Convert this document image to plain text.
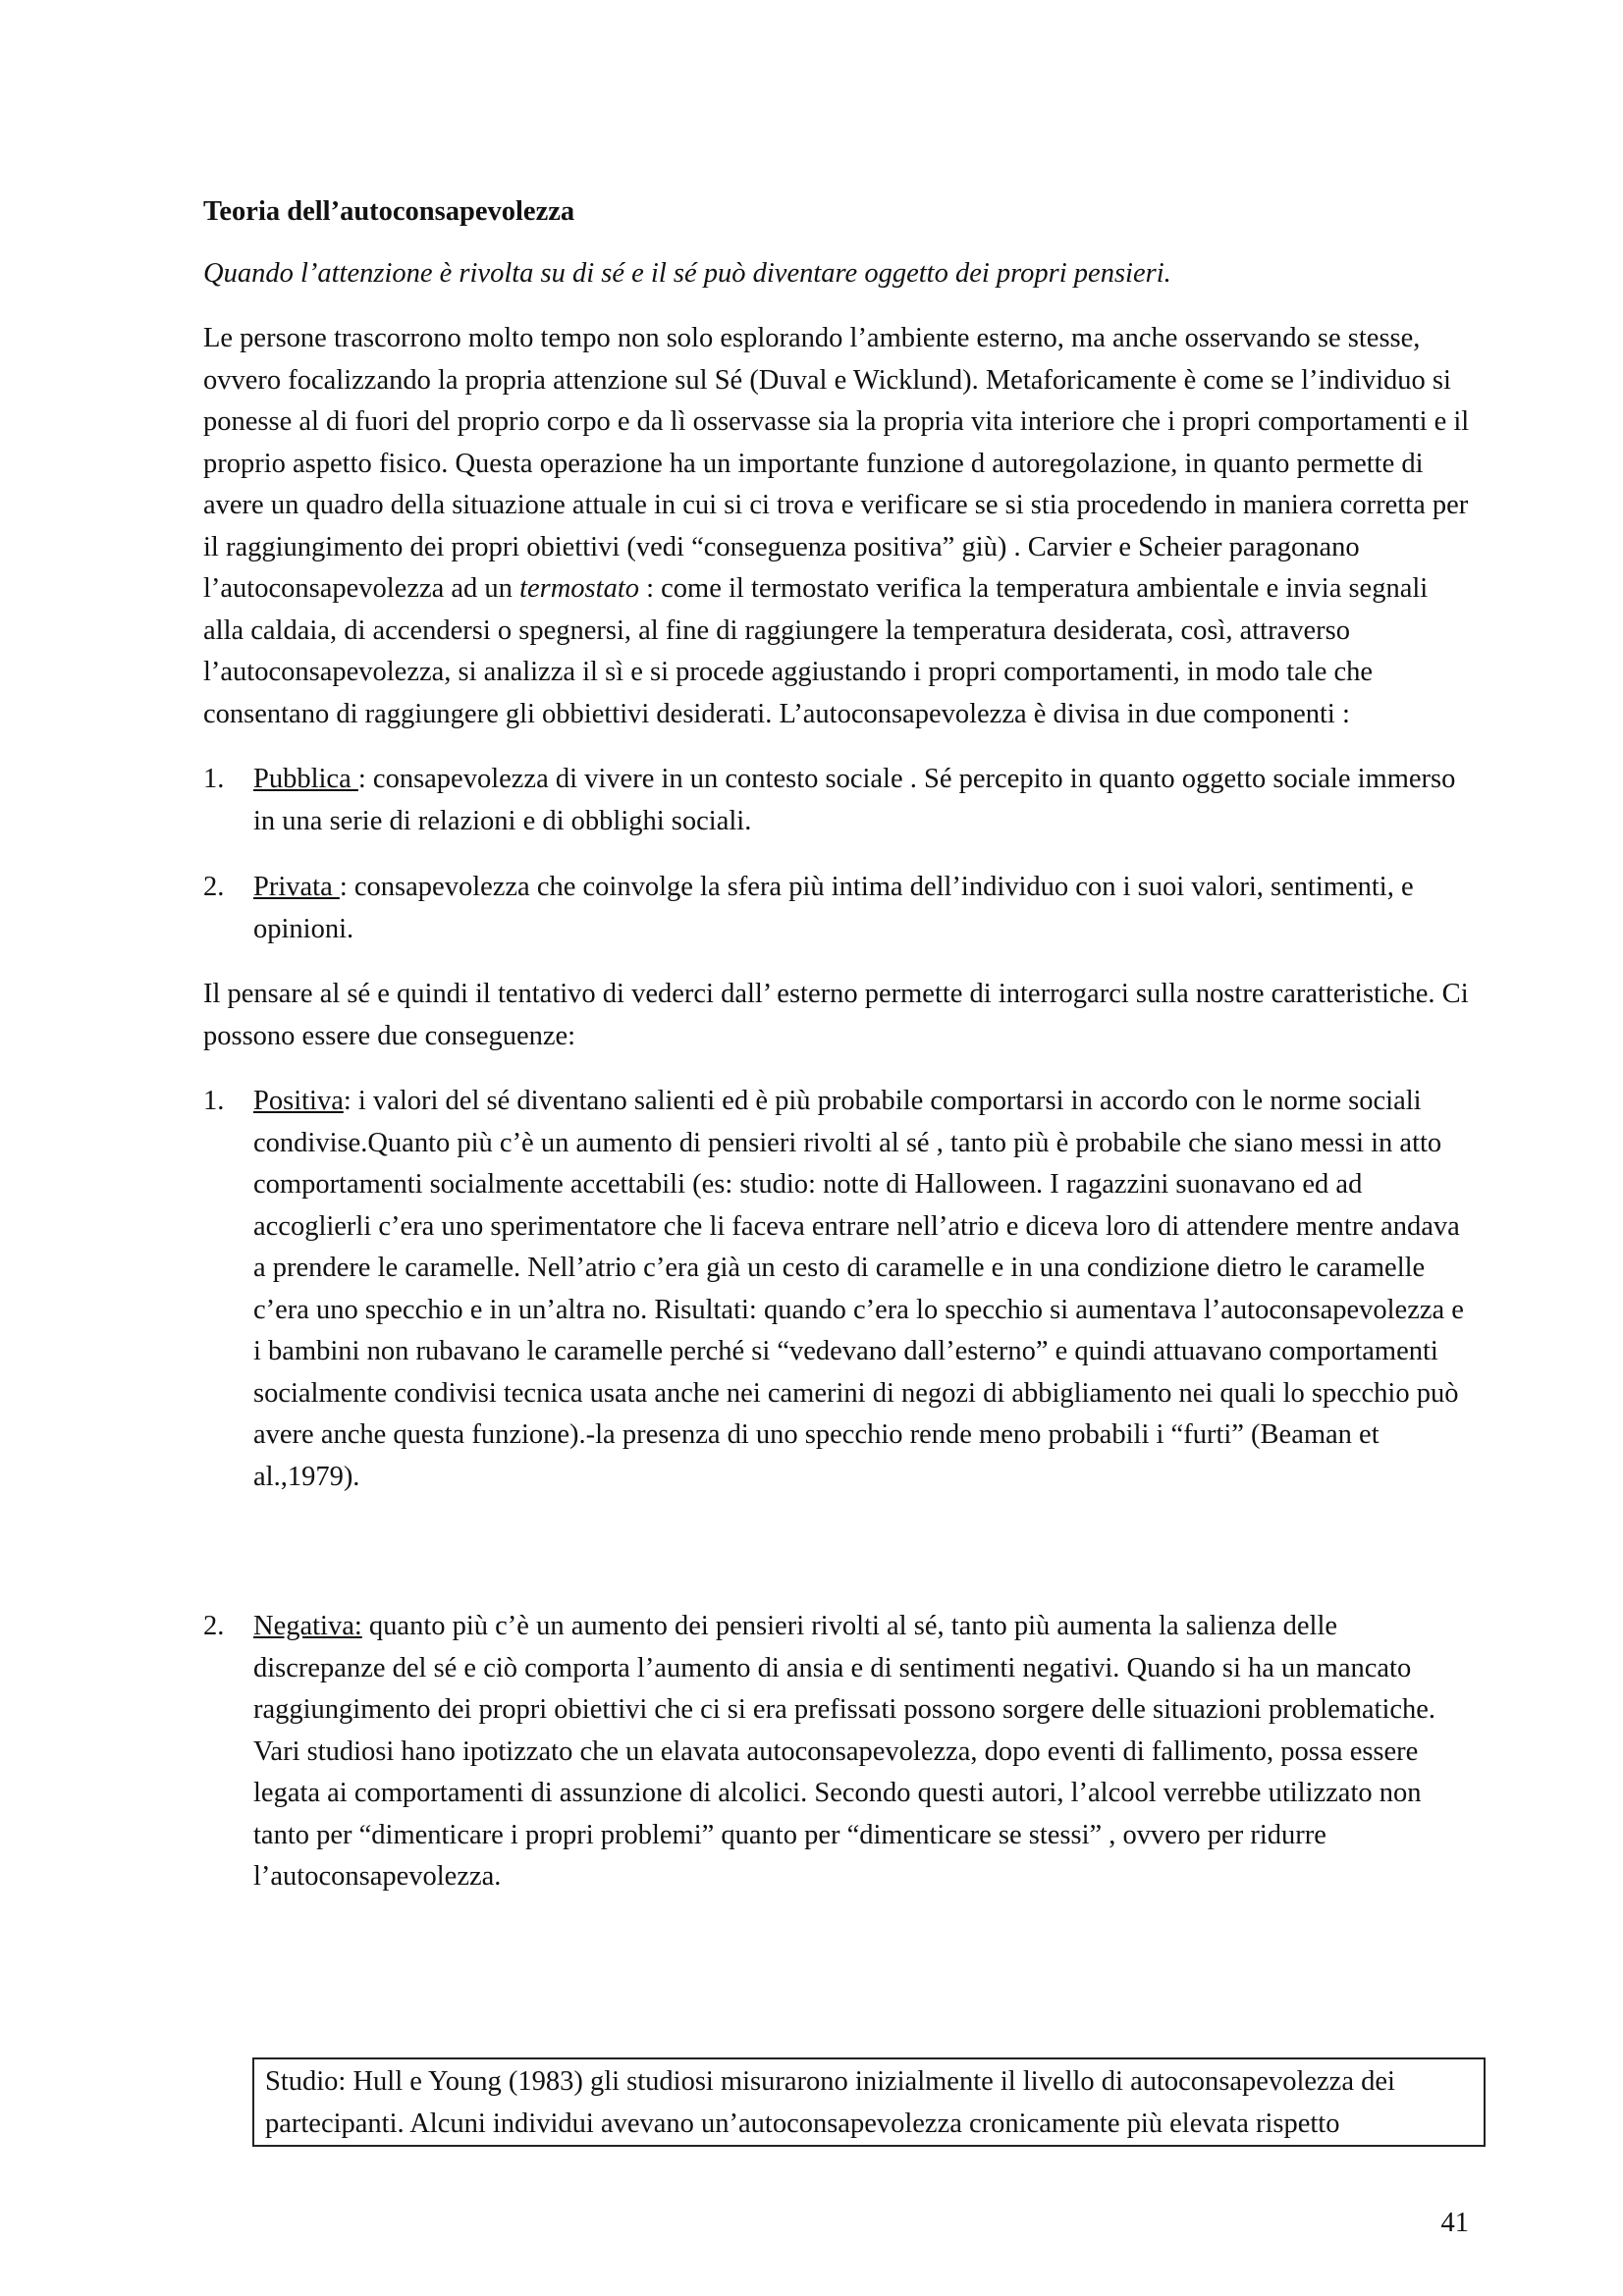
Teoria dell’autoconsapevolezza

Quando l’attenzione è rivolta su di sé e il sé può diventare oggetto dei propri pensieri.

Le persone trascorrono molto tempo non solo esplorando l’ambiente esterno, ma anche osservando se stesse, ovvero focalizzando la propria attenzione sul Sé (Duval e Wicklund). Metaforicamente è come se l’individuo si ponesse al di fuori del proprio corpo e da lì osservasse sia la propria vita interiore che i propri comportamenti e il proprio aspetto fisico. Questa operazione ha un importante funzione d autoregolazione, in quanto permette di avere un quadro della situazione attuale in cui si ci trova e verificare se si stia procedendo in maniera corretta per il raggiungimento dei propri obiettivi (vedi “conseguenza positiva” giù) . Carvier e Scheier paragonano l’autoconsapevolezza ad un termostato : come il termostato verifica la temperatura ambientale e invia segnali alla caldaia, di accendersi o spegnersi, al fine di raggiungere la temperatura desiderata, così, attraverso l’autoconsapevolezza, si analizza il sì e si procede aggiustando i propri comportamenti, in modo tale che consentano di raggiungere gli obbiettivi desiderati. L’autoconsapevolezza è divisa in due componenti :

1. Pubblica : consapevolezza di vivere in un contesto sociale . Sé percepito in quanto oggetto sociale immerso in una serie di relazioni e di obblighi sociali.
2. Privata : consapevolezza che coinvolge la sfera più intima dell’individuo con i suoi valori, sentimenti, e opinioni.

Il pensare al sé e quindi il tentativo di vederci dall’ esterno permette di interrogarci sulla nostre caratteristiche. Ci possono essere due conseguenze:

1. Positiva: i valori del sé diventano salienti ed è più probabile comportarsi in accordo con le norme sociali condivise.Quanto più c’è un aumento di pensieri rivolti al sé , tanto più è probabile che siano messi in atto comportamenti socialmente accettabili (es: studio: notte di Halloween. I ragazzini suonavano ed ad accoglierli c’era uno sperimentatore che li faceva entrare nell’atrio e diceva loro di attendere mentre andava a prendere le caramelle. Nell’atrio c’era già un cesto di caramelle e in una condizione dietro le caramelle c’era uno specchio e in un’altra no. Risultati: quando c’era lo specchio si aumentava l’autoconsapevolezza e i bambini non rubavano le caramelle perché si “vedevano dall’esterno” e quindi attuavano comportamenti socialmente condivisi tecnica usata anche nei camerini di negozi di abbigliamento nei quali lo specchio può avere anche questa funzione).-la presenza di uno specchio rende meno probabili i “furti” (Beaman et al.,1979).
2. Negativa: quanto più c’è un aumento dei pensieri rivolti al sé, tanto più aumenta la salienza delle discrepanze del sé e ciò comporta l’aumento di ansia e di sentimenti negativi. Quando si ha un mancato raggiungimento dei propri obiettivi che ci si era prefissati possono sorgere delle situazioni problematiche. Vari studiosi hano ipotizzato che un elavata autoconsapevolezza, dopo eventi di fallimento, possa essere legata ai comportamenti di assunzione di alcolici. Secondo questi autori, l’alcool verrebbe utilizzato non tanto per “dimenticare i propri problemi” quanto per “dimenticare se stessi” , ovvero per ridurre l’autoconsapevolezza.
Studio: Hull e Young (1983) gli studiosi misurarono inizialmente il livello di autoconsapevolezza dei partecipanti. Alcuni individui avevano un’autoconsapevolezza cronicamente più elevata rispetto
41
